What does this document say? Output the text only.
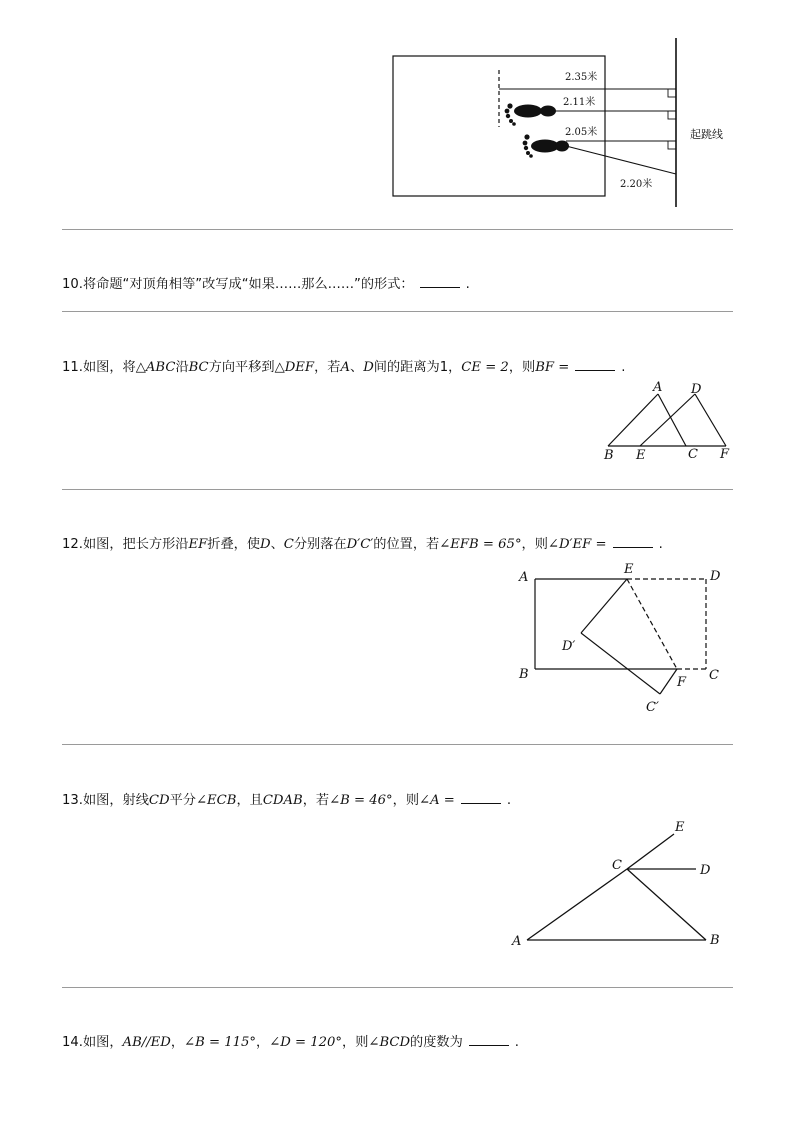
2.35米
2.11米
2.05米
2.20米
起跳线
10.将命题“对顶角相等”改写成“如果……那么……”的形式：	.
11.如图，将△ABC沿BC方向平移到△DEF，若A、D间的距离为1，CE = 2，则BF =	.
A D
B E	C F
12.如图，把长方形沿EF折叠，使D、C分别落在D′C′的位置，若∠EFB = 65°，则∠D′EF =	.
A
E	D
D′
B
F C
C′
13.如图，射线CD平分∠ECB，且CDAB，若∠B = 46°，则∠A =	.
E
C	D
A	B
14.如图，AB//ED，∠B = 115°，∠D = 120°，则∠BCD的度数为	.
